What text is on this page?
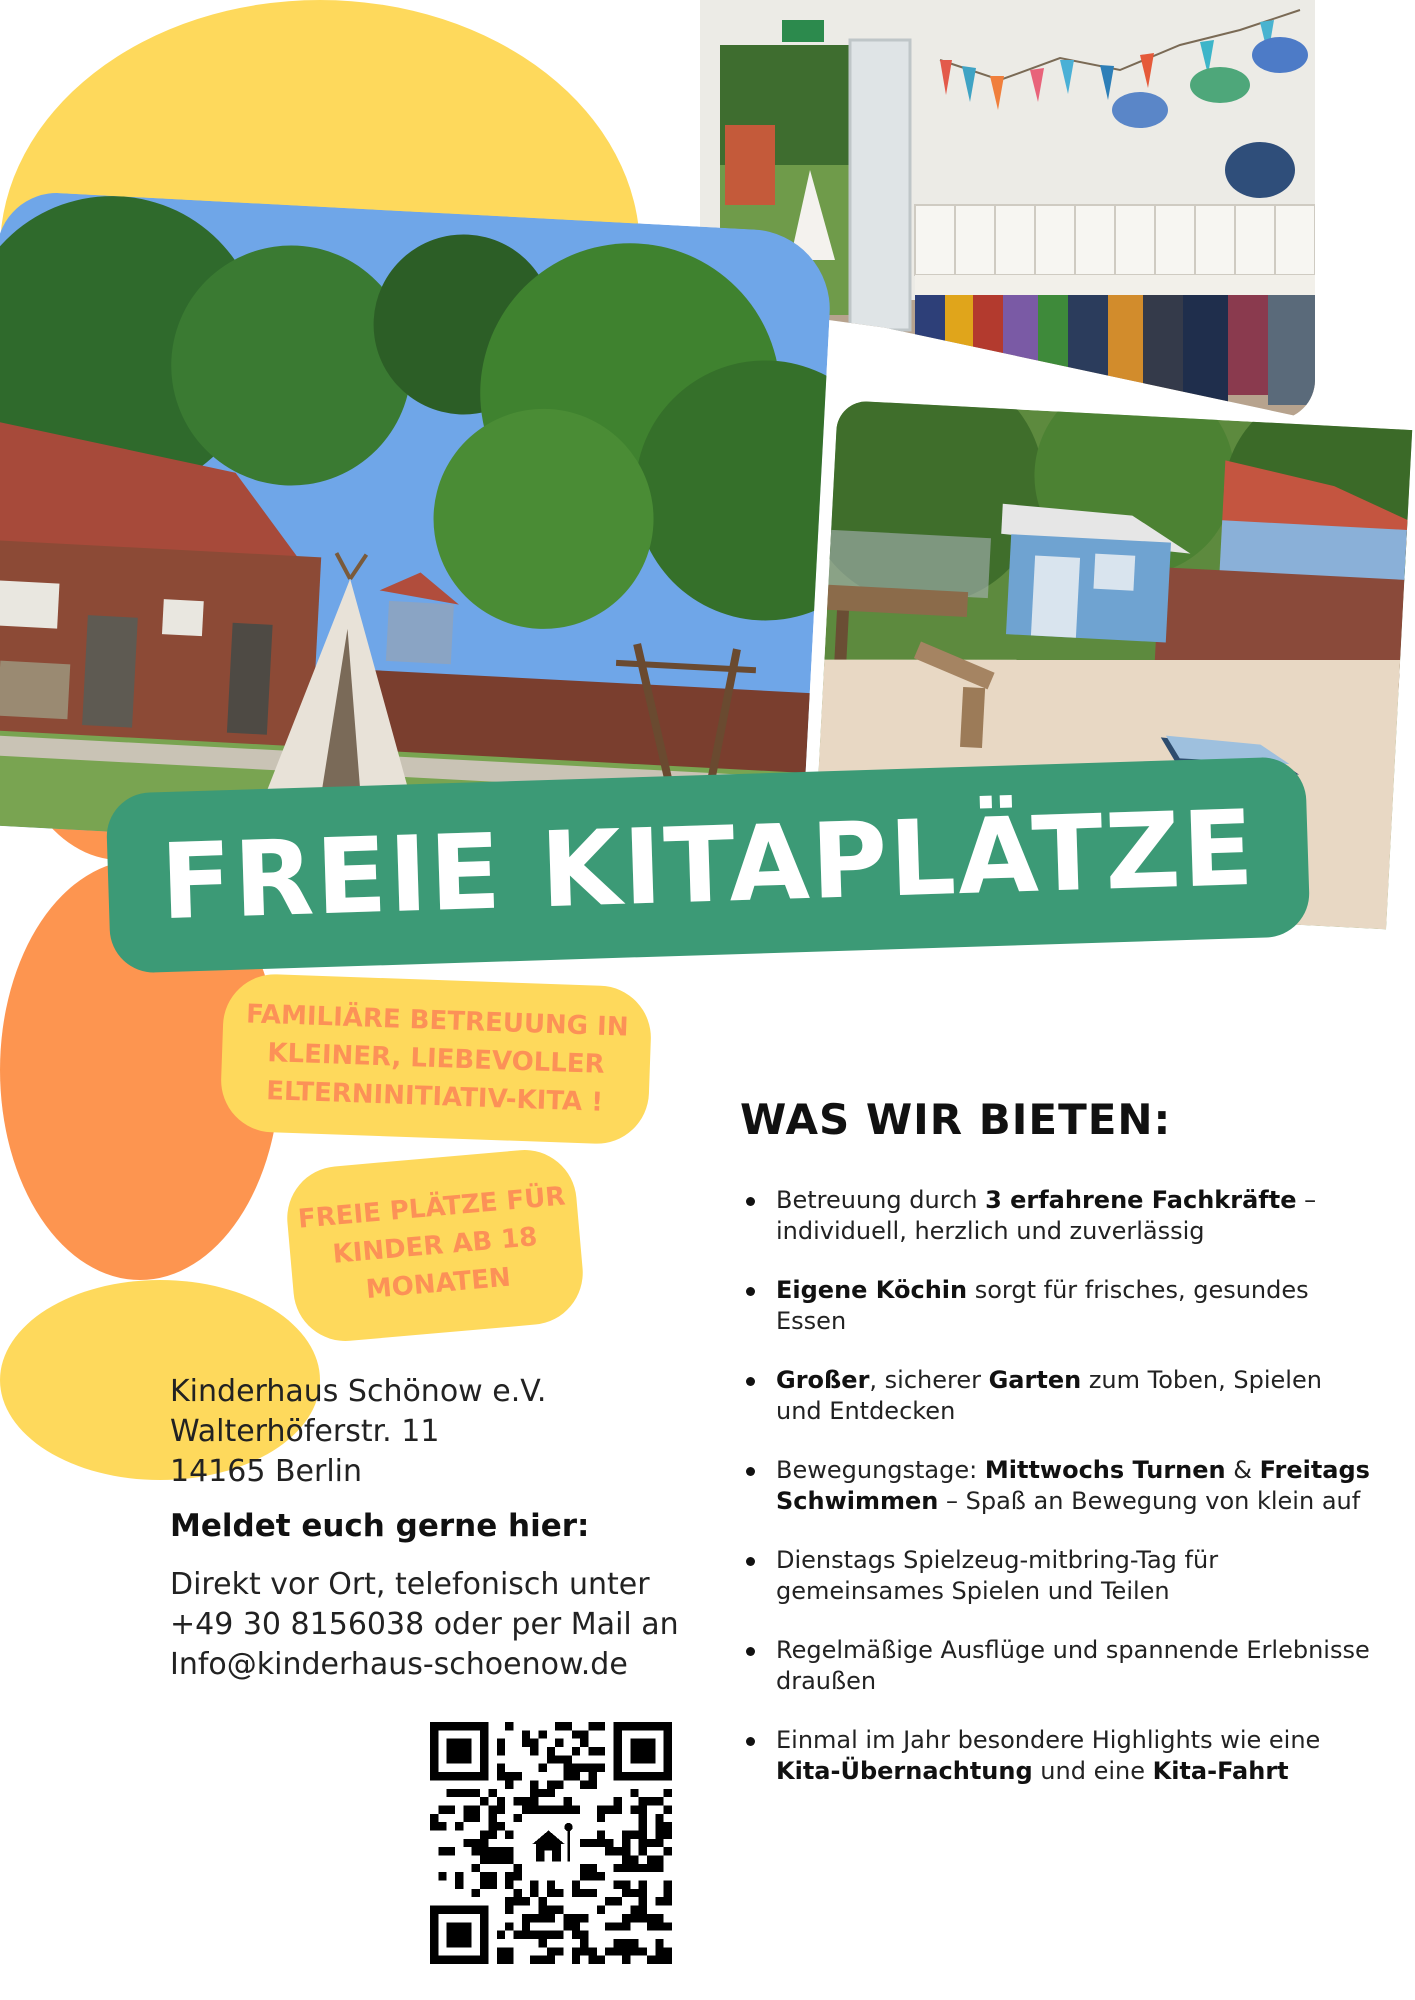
FREIE KITAPLÄTZE
FAMILIÄRE BETREUUNG IN
KLEINER, LIEBEVOLLER
ELTERNINITIATIV-KITA !
FREIE PLÄTZE FÜR
KINDER AB 18
MONATEN
Kinderhaus Schönow e.V.
Walterhöferstr. 11
14165 Berlin
Meldet euch gerne hier:
Direkt vor Ort, telefonisch unter
+49 30 8156038 oder per Mail an
Info@kinderhaus-schoenow.de
WAS WIR BIETEN:
Betreuung durch 3 erfahrene Fachkräfte – individuell, herzlich und zuverlässig
Eigene Köchin sorgt für frisches, gesundes Essen
Großer, sicherer Garten zum Toben, Spielen und Entdecken
Bewegungstage: Mittwochs Turnen & Freitags Schwimmen – Spaß an Bewegung von klein auf
Dienstags Spielzeug-mitbring-Tag für gemeinsames Spielen und Teilen
Regelmäßige Ausflüge und spannende Erlebnisse draußen
Einmal im Jahr besondere Highlights wie eine Kita-Übernachtung und eine Kita-Fahrt
